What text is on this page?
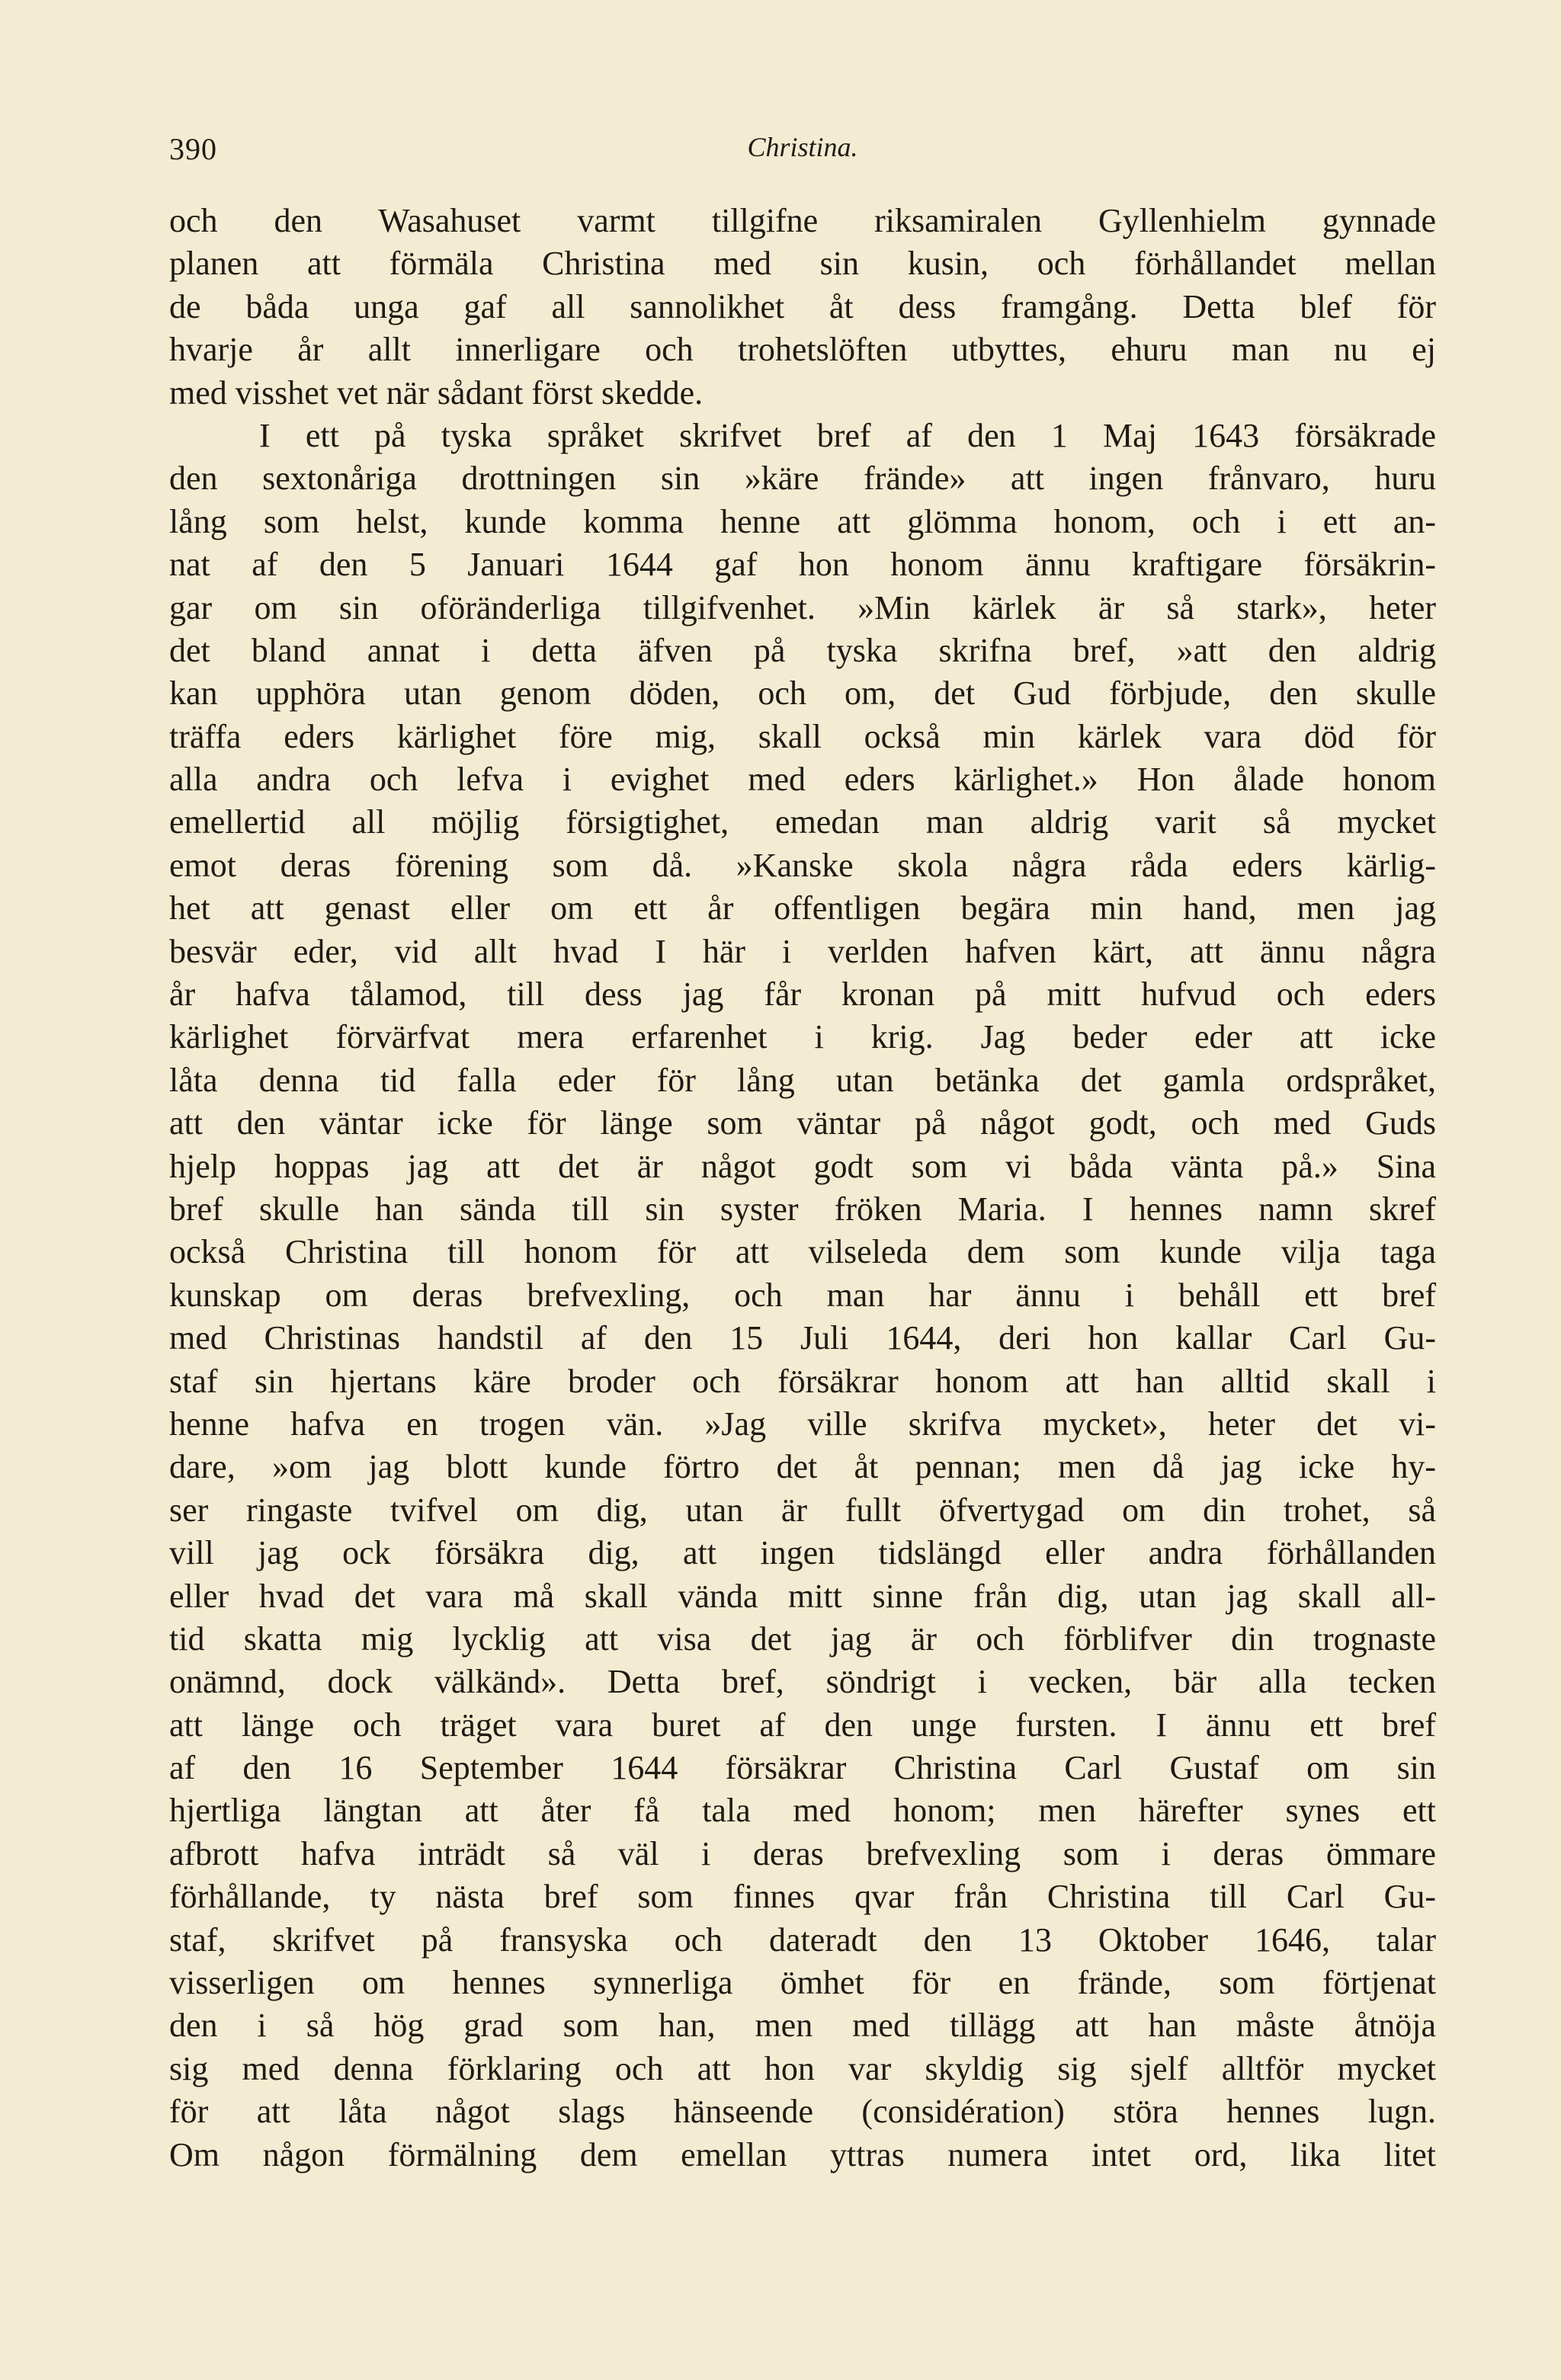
390	Christina.
och den Wasahuset varmt tillgifne riksamiralen Gyllenhielm gynnade
planen att förmäla Christina med sin kusin, och förhållandet mellan
de båda unga gaf all sannolikhet åt dess framgång. Detta blef för
hvarje år allt innerligare och trohetslöften utbyttes, ehuru man nu ej
med visshet vet när sådant först skedde.
I ett på tyska språket skrifvet bref af den 1 Maj 1643 försäkrade
den sextonåriga drottningen sin »käre frände» att ingen frånvaro, huru
lång som helst, kunde komma henne att glömma honom, och i ett an-
nat af den 5 Januari 1644 gaf hon honom ännu kraftigare försäkrin-
gar om sin oföränderliga tillgifvenhet. »Min kärlek är så stark», heter
det bland annat i detta äfven på tyska skrifna bref, »att den aldrig
kan upphöra utan genom döden, och om, det Gud förbjude, den skulle
träffa eders kärlighet före mig, skall också min kärlek vara död för
alla andra och lefva i evighet med eders kärlighet.» Hon ålade honom
emellertid all möjlig försigtighet, emedan man aldrig varit så mycket
emot deras förening som då. »Kanske skola några råda eders kärlig-
het att genast eller om ett år offentligen begära min hand, men jag
besvär eder, vid allt hvad I här i verlden hafven kärt, att ännu några
år hafva tålamod, till dess jag får kronan på mitt hufvud och eders
kärlighet förvärfvat mera erfarenhet i krig. Jag beder eder att icke
låta denna tid falla eder för lång utan betänka det gamla ordspråket,
att den väntar icke för länge som väntar på något godt, och med Guds
hjelp hoppas jag att det är något godt som vi båda vänta på.» Sina
bref skulle han sända till sin syster fröken Maria. I hennes namn skref
också Christina till honom för att vilseleda dem som kunde vilja taga
kunskap om deras brefvexling, och man har ännu i behåll ett bref
med Christinas handstil af den 15 Juli 1644, deri hon kallar Carl Gu-
staf sin hjertans käre broder och försäkrar honom att han alltid skall i
henne hafva en trogen vän. »Jag ville skrifva mycket», heter det vi-
dare, »om jag blott kunde förtro det åt pennan; men då jag icke hy-
ser ringaste tvifvel om dig, utan är fullt öfvertygad om din trohet, så
vill jag ock försäkra dig, att ingen tidslängd eller andra förhållanden
eller hvad det vara må skall vända mitt sinne från dig, utan jag skall all-
tid skatta mig lycklig att visa det jag är och förblifver din trognaste
onämnd, dock välkänd». Detta bref, söndrigt i vecken, bär alla tecken
att länge och träget vara buret af den unge fursten. I ännu ett bref
af den 16 September 1644 försäkrar Christina Carl Gustaf om sin
hjertliga längtan att åter få tala med honom; men härefter synes ett
afbrott hafva inträdt så väl i deras brefvexling som i deras ömmare
förhållande, ty nästa bref som finnes qvar från Christina till Carl Gu-
staf, skrifvet på fransyska och dateradt den 13 Oktober 1646, talar
visserligen om hennes synnerliga ömhet för en frände, som förtjenat
den i så hög grad som han, men med tillägg att han måste åtnöja
sig med denna förklaring och att hon var skyldig sig sjelf alltför mycket
för att låta något slags hänseende (considération) störa hennes lugn.
Om någon förmälning dem emellan yttras numera intet ord, lika litet
